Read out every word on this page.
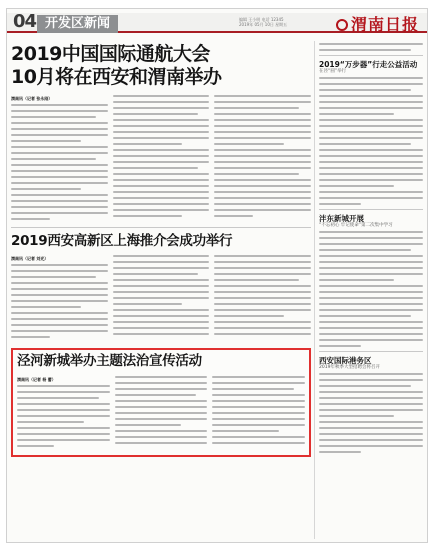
04 开发区新闻	编辑 王小明 电话 12345
2019年 05月 10日 星期五	渭南日报
2019中国国际通航大会
10月将在西安和渭南举办
渭南讯（记者 张永刚）
2019西安高新区上海推介会成功举行
渭南讯（记者 刘光）
泾河新城举办主题法治宣传活动
渭南讯（记者 杨 蕾）
2019“万步器”行走公益活动
在泾“圆”举行
沣东新城开展
“不忘初心 牢记使命”第二次集中学习
西安国际港务区
2019年秋季大型招聘会将召开
